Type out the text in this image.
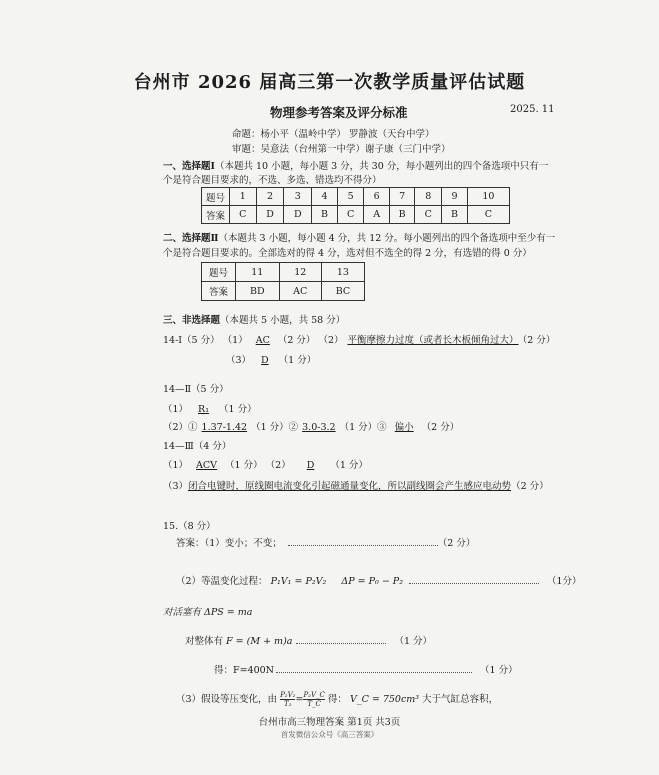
台州市 2026 届高三第一次教学质量评估试题
物理参考答案及评分标准	2025. 11
命题：杨小平（温岭中学） 罗静波（天台中学）
审题：吴意法（台州第一中学）谢子康（三门中学）
一、选择题Ⅰ（本题共 10 小题，每小题 3 分，共 30 分，每小题列出的四个备选项中只有一
个是符合题目要求的，不选、多选、错选均不得分）
题号	1	2	3	4	5	6	7	8	9	10
答案	C	D	D	B	C	A	B	C	B	C
二、选择题Ⅱ（本题共 3 小题，每小题 4 分，共 12 分。每小题列出的四个备选项中至少有一
个是符合题目要求的。全部选对的得 4 分，选对但不选全的得 2 分，有选错的得 0 分）
题号	11	12	13
答案	BD	AC	BC
三、非选择题（本题共 5 小题，共 58 分）
14-Ⅰ（5 分） （1） AC （2 分） （2） 平衡摩擦力过度（或者长木板倾角过大） （2 分）
（3） D （1 分）
14—Ⅱ（5 分）
（1） R₁ （1 分）
（2）① 1.37-1.42 （1 分）② 3.0-3.2 （1 分）③ 偏小 （2 分）
14—Ⅲ（4 分）
（1） ACV （1 分） （2） D （1 分）
（3）闭合电键时，原线圈电流变化引起磁通量变化，所以副线圈会产生感应电动势（2 分）
15.（8 分）
答案：（1）变小；不变；	（2 分）
（2）等温变化过程： P₁V₁ = P₂V₂ ΔP = P₀ − P₂	（1分）
对活塞有 ΔPS = ma
对整体有 F = (M + m)a	（1 分）
得：F=400N	（1 分）
（3）假设等压变化，由 $\frac{\text{P₂V₂}}{\text{T₂}} = \frac{\text{P₂V\_C}}{T\_C}$ 得： V_C = 750cm³ 大于气缸总容积，
台州市高三物理答案 第1页 共3页
首发微信公众号《高三答案》
